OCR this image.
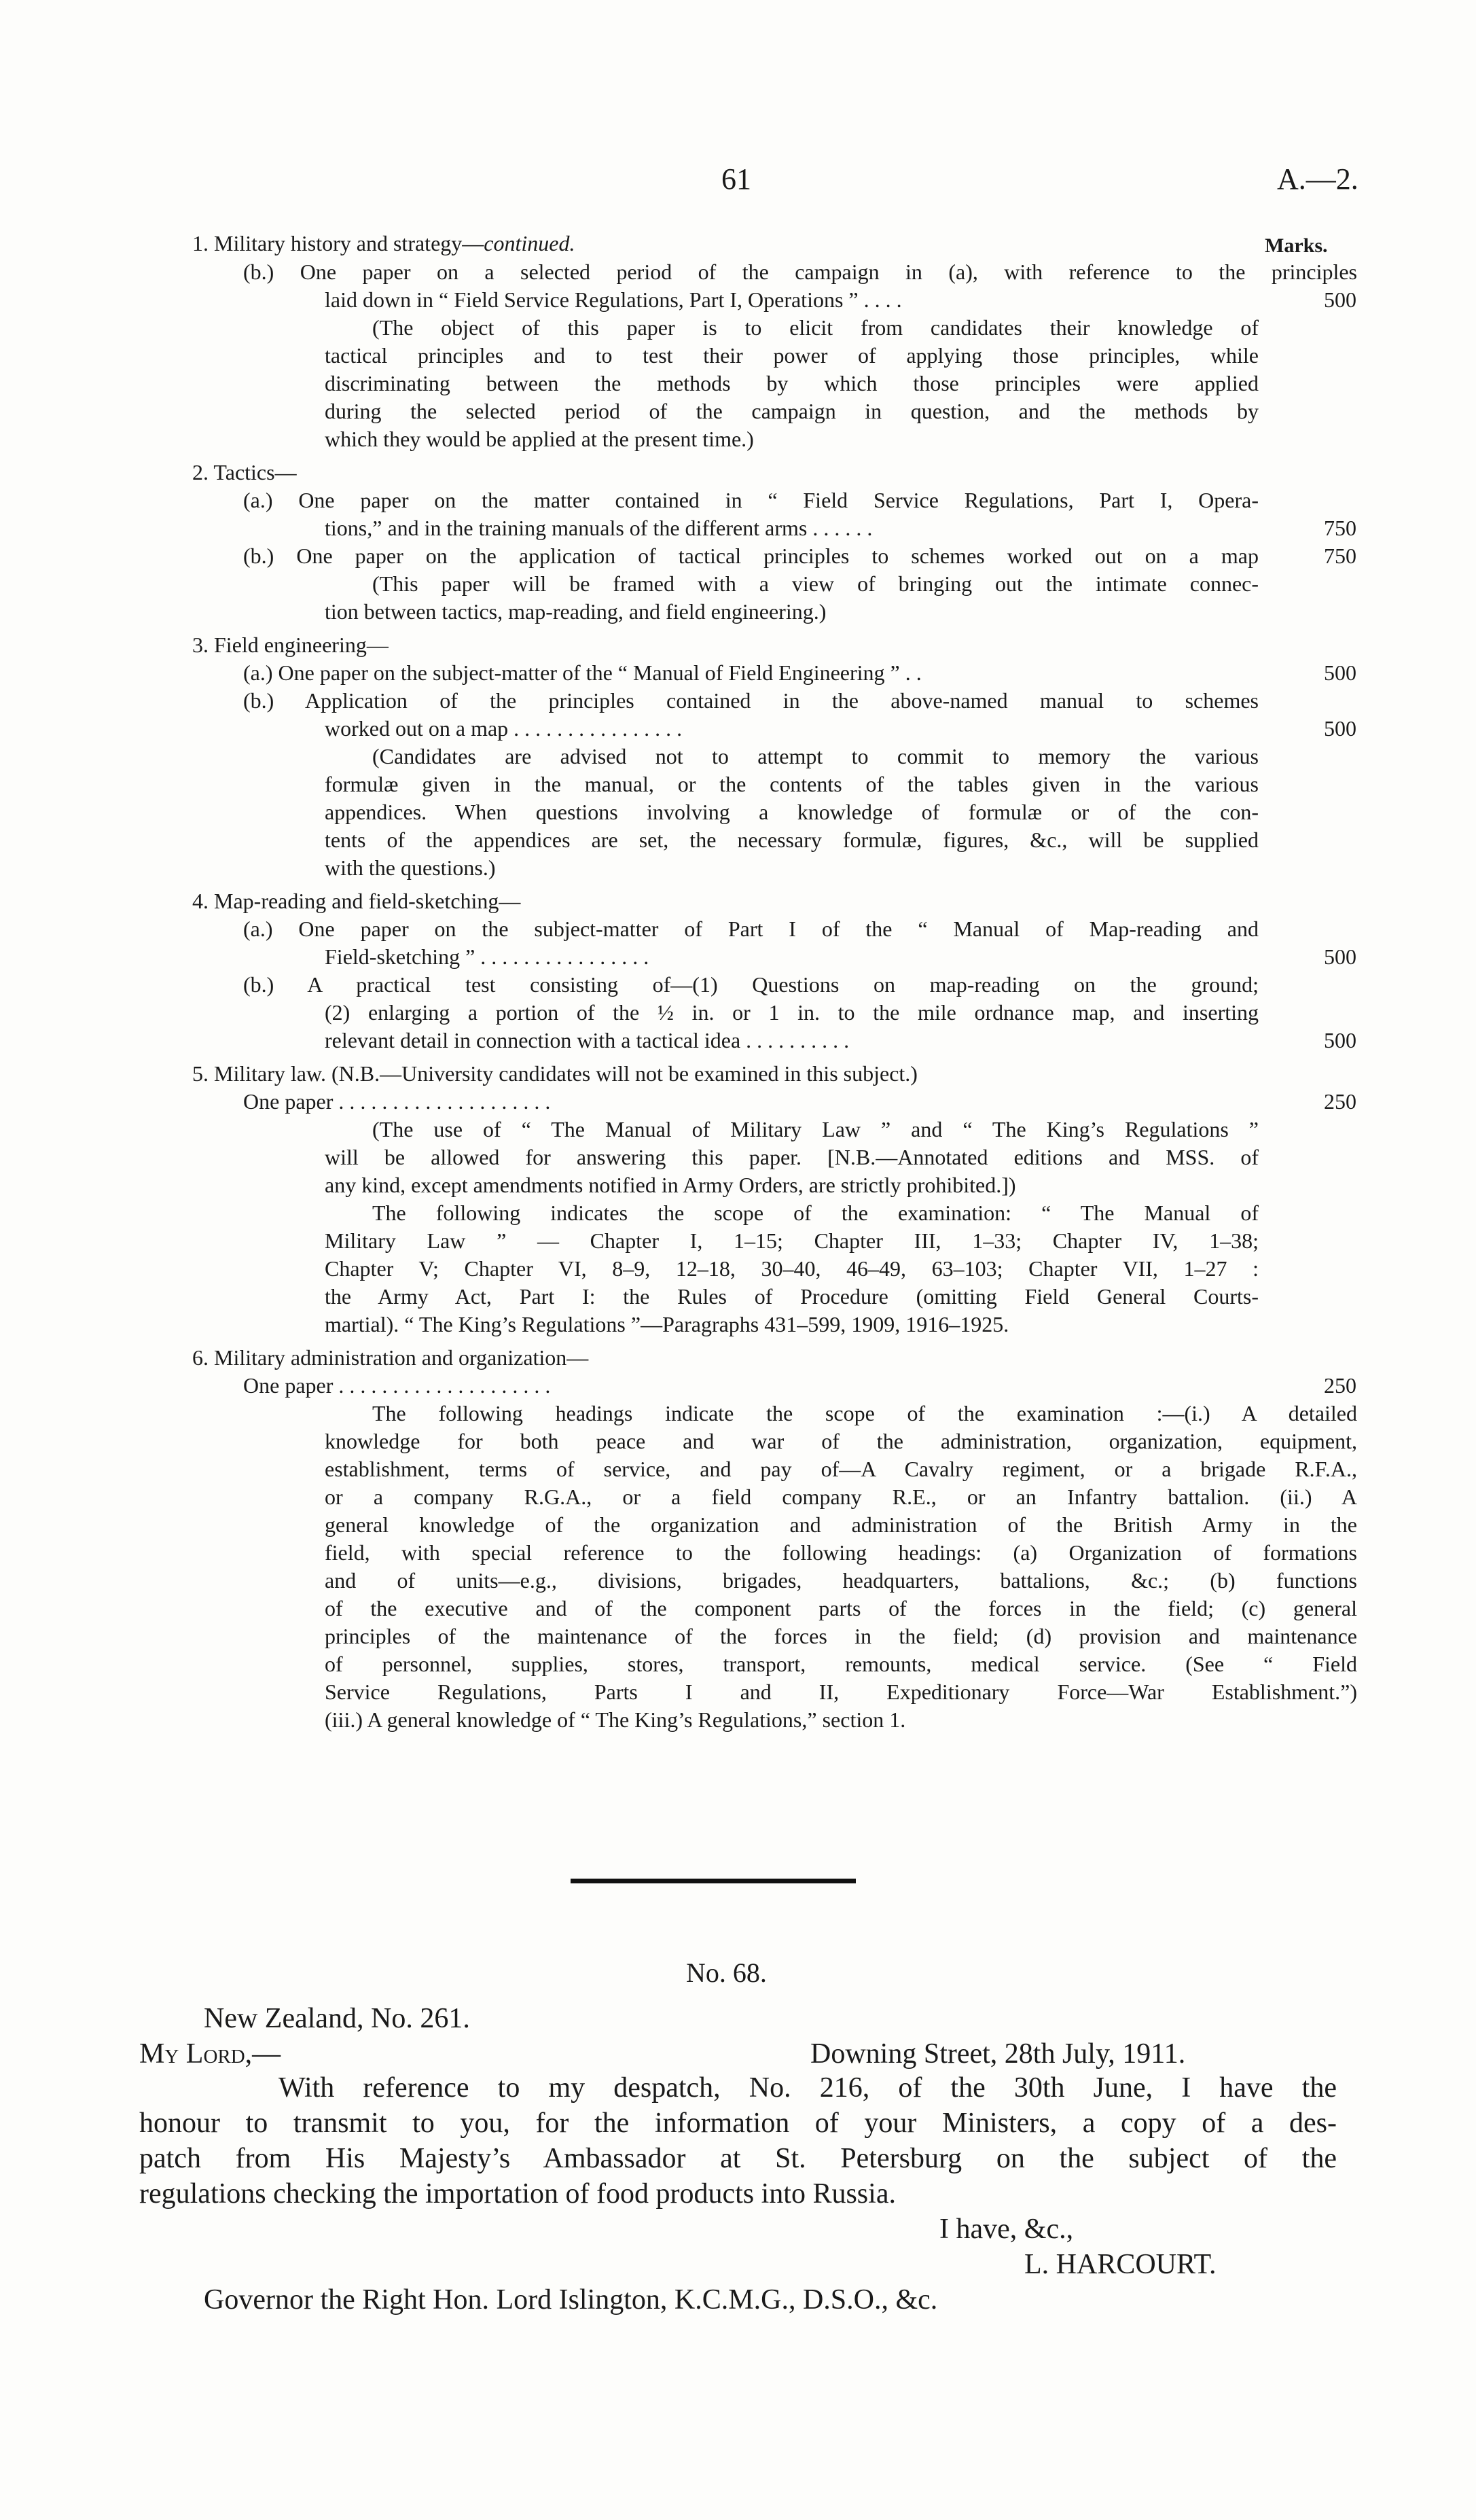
61	A.—2.
Marks.
1. Military history and strategy—continued.
(b.) One paper on a selected period of the campaign in (a), with reference to the principles
laid down in “ Field Service Regulations, Part I, Operations ” . . . .	500
(The object of this paper is to elicit from candidates their knowledge of
tactical principles and to test their power of applying those principles, while
discriminating between the methods by which those principles were applied
during the selected period of the campaign in question, and the methods by
which they would be applied at the present time.)
2. Tactics—
(a.) One paper on the matter contained in “ Field Service Regulations, Part I, Opera-
tions,” and in the training manuals of the different arms . . . . . .	750
(b.) One paper on the application of tactical principles to schemes worked out on a map	750
(This paper will be framed with a view of bringing out the intimate connec-
tion between tactics, map-reading, and field engineering.)
3. Field engineering—
(a.) One paper on the subject-matter of the “ Manual of Field Engineering ” . .	500
(b.) Application of the principles contained in the above-named manual to schemes
worked out on a map . . . . . . . . . . . . . . . .	500
(Candidates are advised not to attempt to commit to memory the various
formulæ given in the manual, or the contents of the tables given in the various
appendices. When questions involving a knowledge of formulæ or of the con-
tents of the appendices are set, the necessary formulæ, figures, &c., will be supplied
with the questions.)
4. Map-reading and field-sketching—
(a.) One paper on the subject-matter of Part I of the “ Manual of Map-reading and
Field-sketching ” . . . . . . . . . . . . . . . .	500
(b.) A practical test consisting of—(1) Questions on map-reading on the ground;
(2) enlarging a portion of the ½ in. or 1 in. to the mile ordnance map, and inserting
relevant detail in connection with a tactical idea . . . . . . . . . .	500
5. Military law. (N.B.—University candidates will not be examined in this subject.)
One paper . . . . . . . . . . . . . . . . . . . .	250
(The use of “ The Manual of Military Law ” and “ The King’s Regulations ”
will be allowed for answering this paper. [N.B.—Annotated editions and MSS. of
any kind, except amendments notified in Army Orders, are strictly prohibited.])
The following indicates the scope of the examination: “ The Manual of
Military Law ” — Chapter I, 1–15; Chapter III, 1–33; Chapter IV, 1–38;
Chapter V; Chapter VI, 8–9, 12–18, 30–40, 46–49, 63–103; Chapter VII, 1–27 :
the Army Act, Part I: the Rules of Procedure (omitting Field General Courts-
martial). “ The King’s Regulations ”—Paragraphs 431–599, 1909, 1916–1925.
6. Military administration and organization—
One paper . . . . . . . . . . . . . . . . . . . .	250
The following headings indicate the scope of the examination :—(i.) A detailed
knowledge for both peace and war of the administration, organization, equipment,
establishment, terms of service, and pay of—A Cavalry regiment, or a brigade R.F.A.,
or a company R.G.A., or a field company R.E., or an Infantry battalion. (ii.) A
general knowledge of the organization and administration of the British Army in the
field, with special reference to the following headings: (a) Organization of formations
and of units—e.g., divisions, brigades, headquarters, battalions, &c.; (b) functions
of the executive and of the component parts of the forces in the field; (c) general
principles of the maintenance of the forces in the field; (d) provision and maintenance
of personnel, supplies, stores, transport, remounts, medical service. (See “ Field
Service Regulations, Parts I and II, Expeditionary Force—War Establishment.”)
(iii.) A general knowledge of “ The King’s Regulations,” section 1.
No. 68.
New Zealand, No. 261.
My Lord,—	Downing Street, 28th July, 1911.
With reference to my despatch, No. 216, of the 30th June, I have the
honour to transmit to you, for the information of your Ministers, a copy of a des-
patch from His Majesty’s Ambassador at St. Petersburg on the subject of the
regulations checking the importation of food products into Russia.
I have, &c.,
L. HARCOURT.
Governor the Right Hon. Lord Islington, K.C.M.G., D.S.O., &c.
